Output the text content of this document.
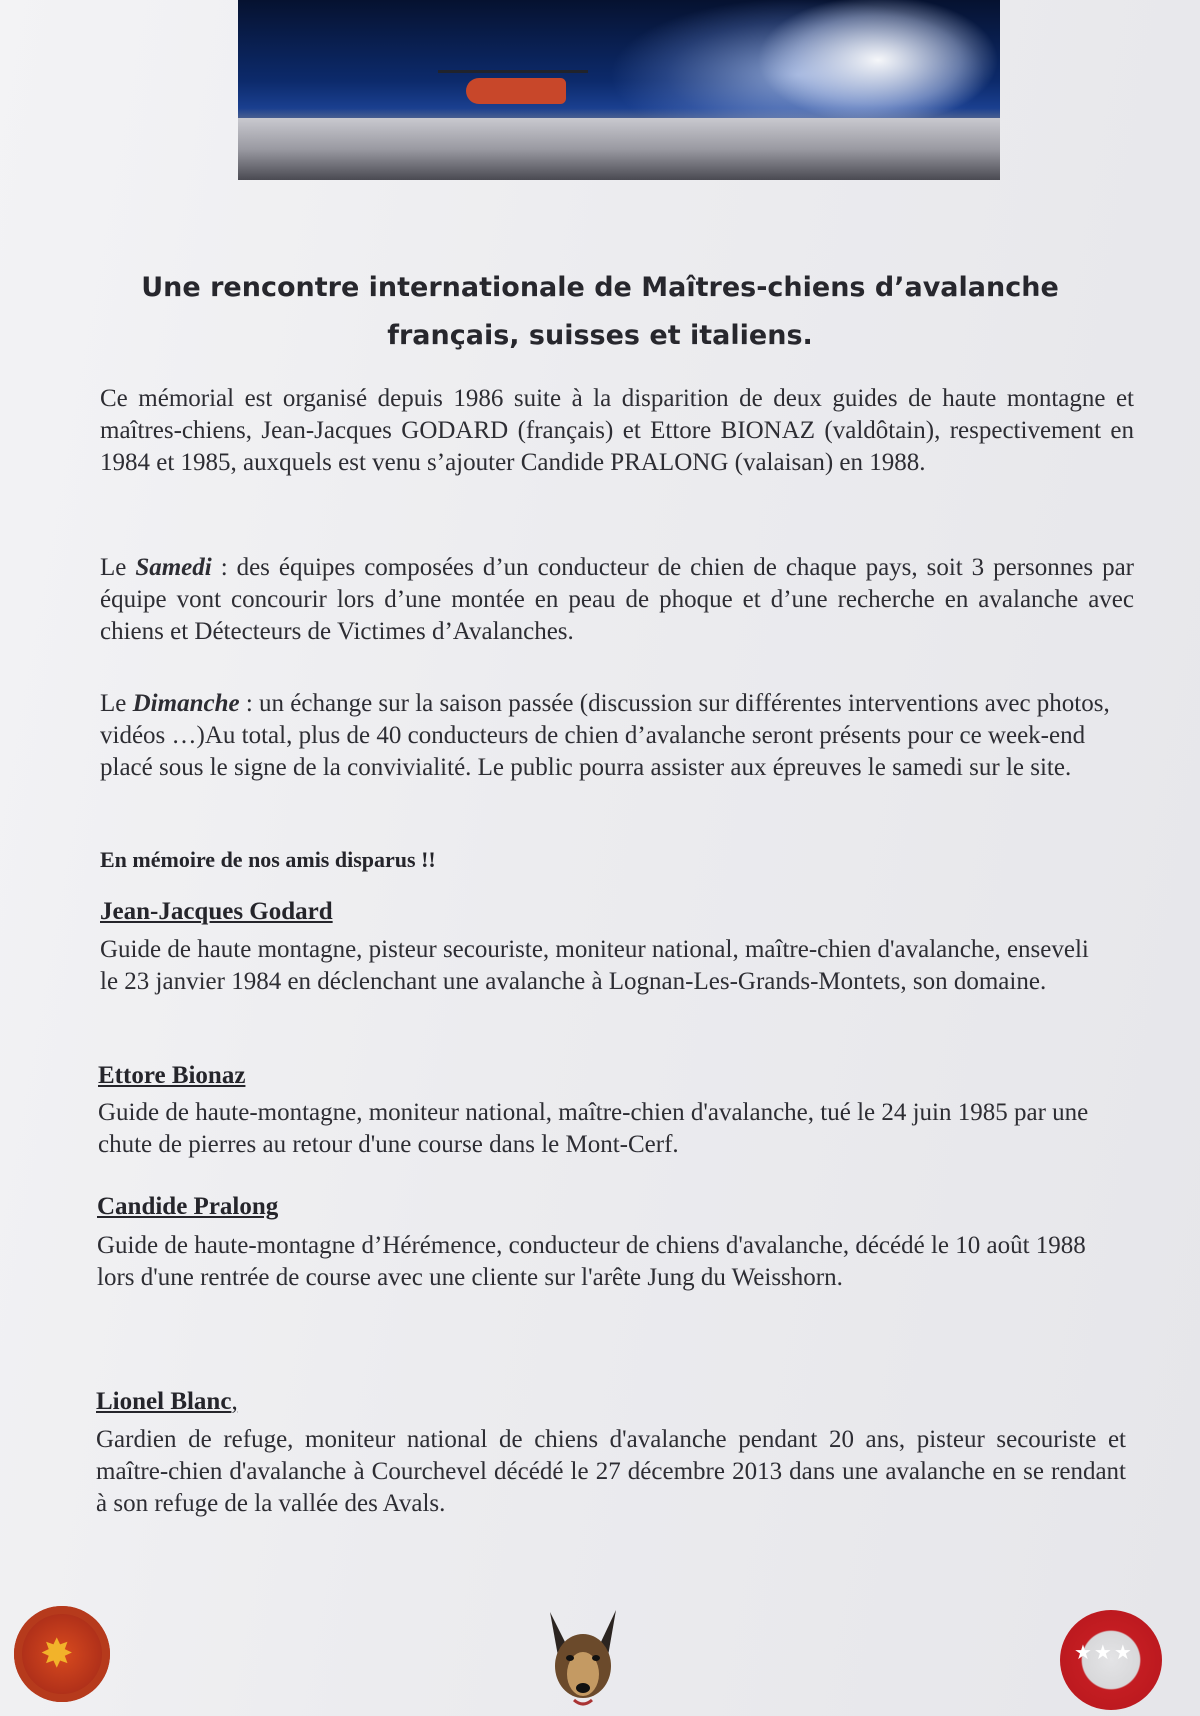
Une rencontre internationale de Maîtres-chiens d’avalanche
français, suisses et italiens.

Ce mémorial est organisé depuis 1986 suite à la disparition de deux guides de haute montagne et maîtres-chiens, Jean-Jacques GODARD (français) et Ettore BIONAZ (valdôtain), respectivement en 1984 et 1985, auxquels est venu s’ajouter Candide PRALONG (valaisan) en 1988.

Le Samedi : des équipes composées d’un conducteur de chien de chaque pays, soit 3 personnes par équipe vont concourir lors d’une montée en peau de phoque et d’une recherche en avalanche avec chiens et Détecteurs de Victimes d’Avalanches.

Le Dimanche : un échange sur la saison passée (discussion sur différentes interventions avec photos, vidéos …)Au total, plus de 40 conducteurs de chien d’avalanche seront présents pour ce week-end placé sous le signe de la convivialité. Le public pourra assister aux épreuves le samedi sur le site.

En mémoire de nos amis disparus !!

Jean-Jacques Godard

Guide de haute montagne, pisteur secouriste, moniteur national, maître-chien d'avalanche, enseveli le 23 janvier 1984 en déclenchant une avalanche à Lognan-Les-Grands-Montets, son domaine.

Ettore Bionaz

Guide de haute-montagne, moniteur national, maître-chien d'avalanche, tué le 24 juin 1985 par une chute de pierres au retour d'une course dans le Mont-Cerf.

Candide Pralong

Guide de haute-montagne d’Hérémence, conducteur de chiens d'avalanche, décédé le 10 août 1988 lors d'une rentrée de course avec une cliente sur l'arête Jung du Weisshorn.

Lionel Blanc,

Gardien de refuge, moniteur national de chiens d'avalanche pendant 20 ans, pisteur secouriste et maître-chien d'avalanche à Courchevel décédé le 27 décembre 2013 dans une avalanche en se rendant à son refuge de la vallée des Avals.

✸	★★★
